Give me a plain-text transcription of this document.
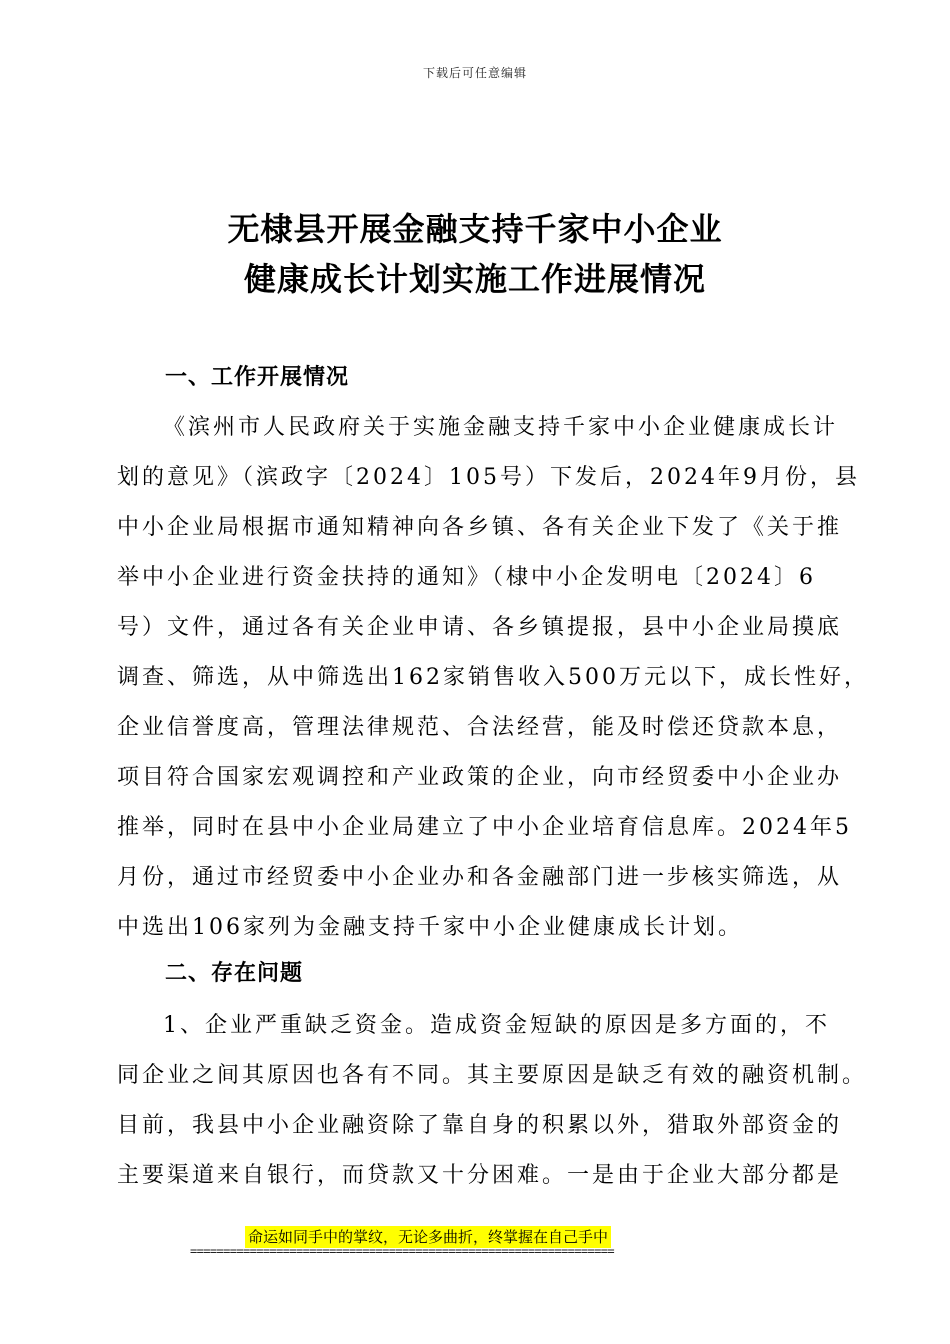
下载后可任意编辑
无棣县开展金融支持千家中小企业
健康成长计划实施工作进展情况
一、工作开展情况
《滨州市人民政府关于实施金融支持千家中小企业健康成长计
划的意见》（滨政字〔2024〕105号）下发后，2024年9月份，县
中小企业局根据市通知精神向各乡镇、各有关企业下发了《关于推
举中小企业进行资金扶持的通知》（棣中小企发明电〔2024〕6
号）文件，通过各有关企业申请、各乡镇提报，县中小企业局摸底
调查、筛选，从中筛选出162家销售收入500万元以下，成长性好，
企业信誉度高，管理法律规范、合法经营，能及时偿还贷款本息，
项目符合国家宏观调控和产业政策的企业，向市经贸委中小企业办
推举，同时在县中小企业局建立了中小企业培育信息库。2024年5
月份，通过市经贸委中小企业办和各金融部门进一步核实筛选，从
中选出106家列为金融支持千家中小企业健康成长计划。
二、存在问题
1、企业严重缺乏资金。造成资金短缺的原因是多方面的，不
同企业之间其原因也各有不同。其主要原因是缺乏有效的融资机制。
目前，我县中小企业融资除了靠自身的积累以外，猎取外部资金的
主要渠道来自银行，而贷款又十分困难。一是由于企业大部分都是
命运如同手中的掌纹，无论多曲折，终掌握在自己手中
================================================================
